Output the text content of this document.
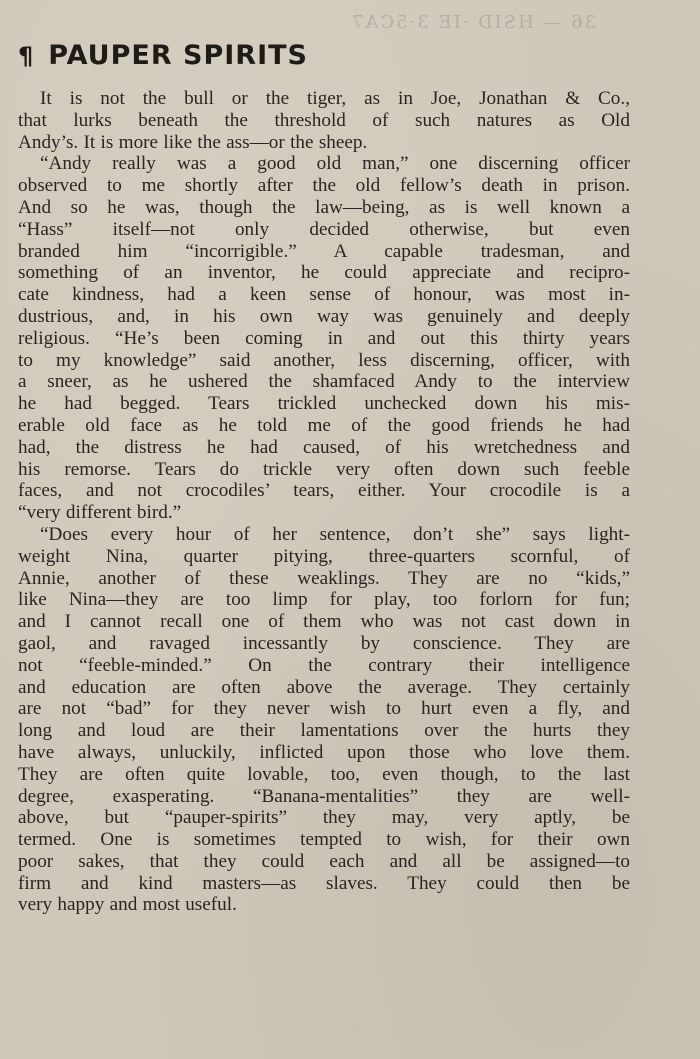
36 — HSID ·IE 3·5CA7
¶ PAUPER SPIRITS
It is not the bull or the tiger, as in Joe, Jonathan & Co.,
that lurks beneath the threshold of such natures as Old
Andy’s. It is more like the ass—or the sheep.
“Andy really was a good old man,” one discerning officer
observed to me shortly after the old fellow’s death in prison.
And so he was, though the law—being, as is well known a
“Hass” itself—not only decided otherwise, but even
branded him “incorrigible.” A capable tradesman, and
something of an inventor, he could appreciate and recipro-
cate kindness, had a keen sense of honour, was most in-
dustrious, and, in his own way was genuinely and deeply
religious. “He’s been coming in and out this thirty years
to my knowledge” said another, less discerning, officer, with
a sneer, as he ushered the shamfaced Andy to the interview
he had begged. Tears trickled unchecked down his mis-
erable old face as he told me of the good friends he had
had, the distress he had caused, of his wretchedness and
his remorse. Tears do trickle very often down such feeble
faces, and not crocodiles’ tears, either. Your crocodile is a
“very different bird.”
“Does every hour of her sentence, don’t she” says light-
weight Nina, quarter pitying, three-quarters scornful, of
Annie, another of these weaklings. They are no “kids,”
like Nina—they are too limp for play, too forlorn for fun;
and I cannot recall one of them who was not cast down in
gaol, and ravaged incessantly by conscience. They are
not “feeble-minded.” On the contrary their intelligence
and education are often above the average. They certainly
are not “bad” for they never wish to hurt even a fly, and
long and loud are their lamentations over the hurts they
have always, unluckily, inflicted upon those who love them.
They are often quite lovable, too, even though, to the last
degree, exasperating. “Banana-mentalities” they are well-
above, but “pauper-spirits” they may, very aptly, be
termed. One is sometimes tempted to wish, for their own
poor sakes, that they could each and all be assigned—to
firm and kind masters—as slaves. They could then be
very happy and most useful.
